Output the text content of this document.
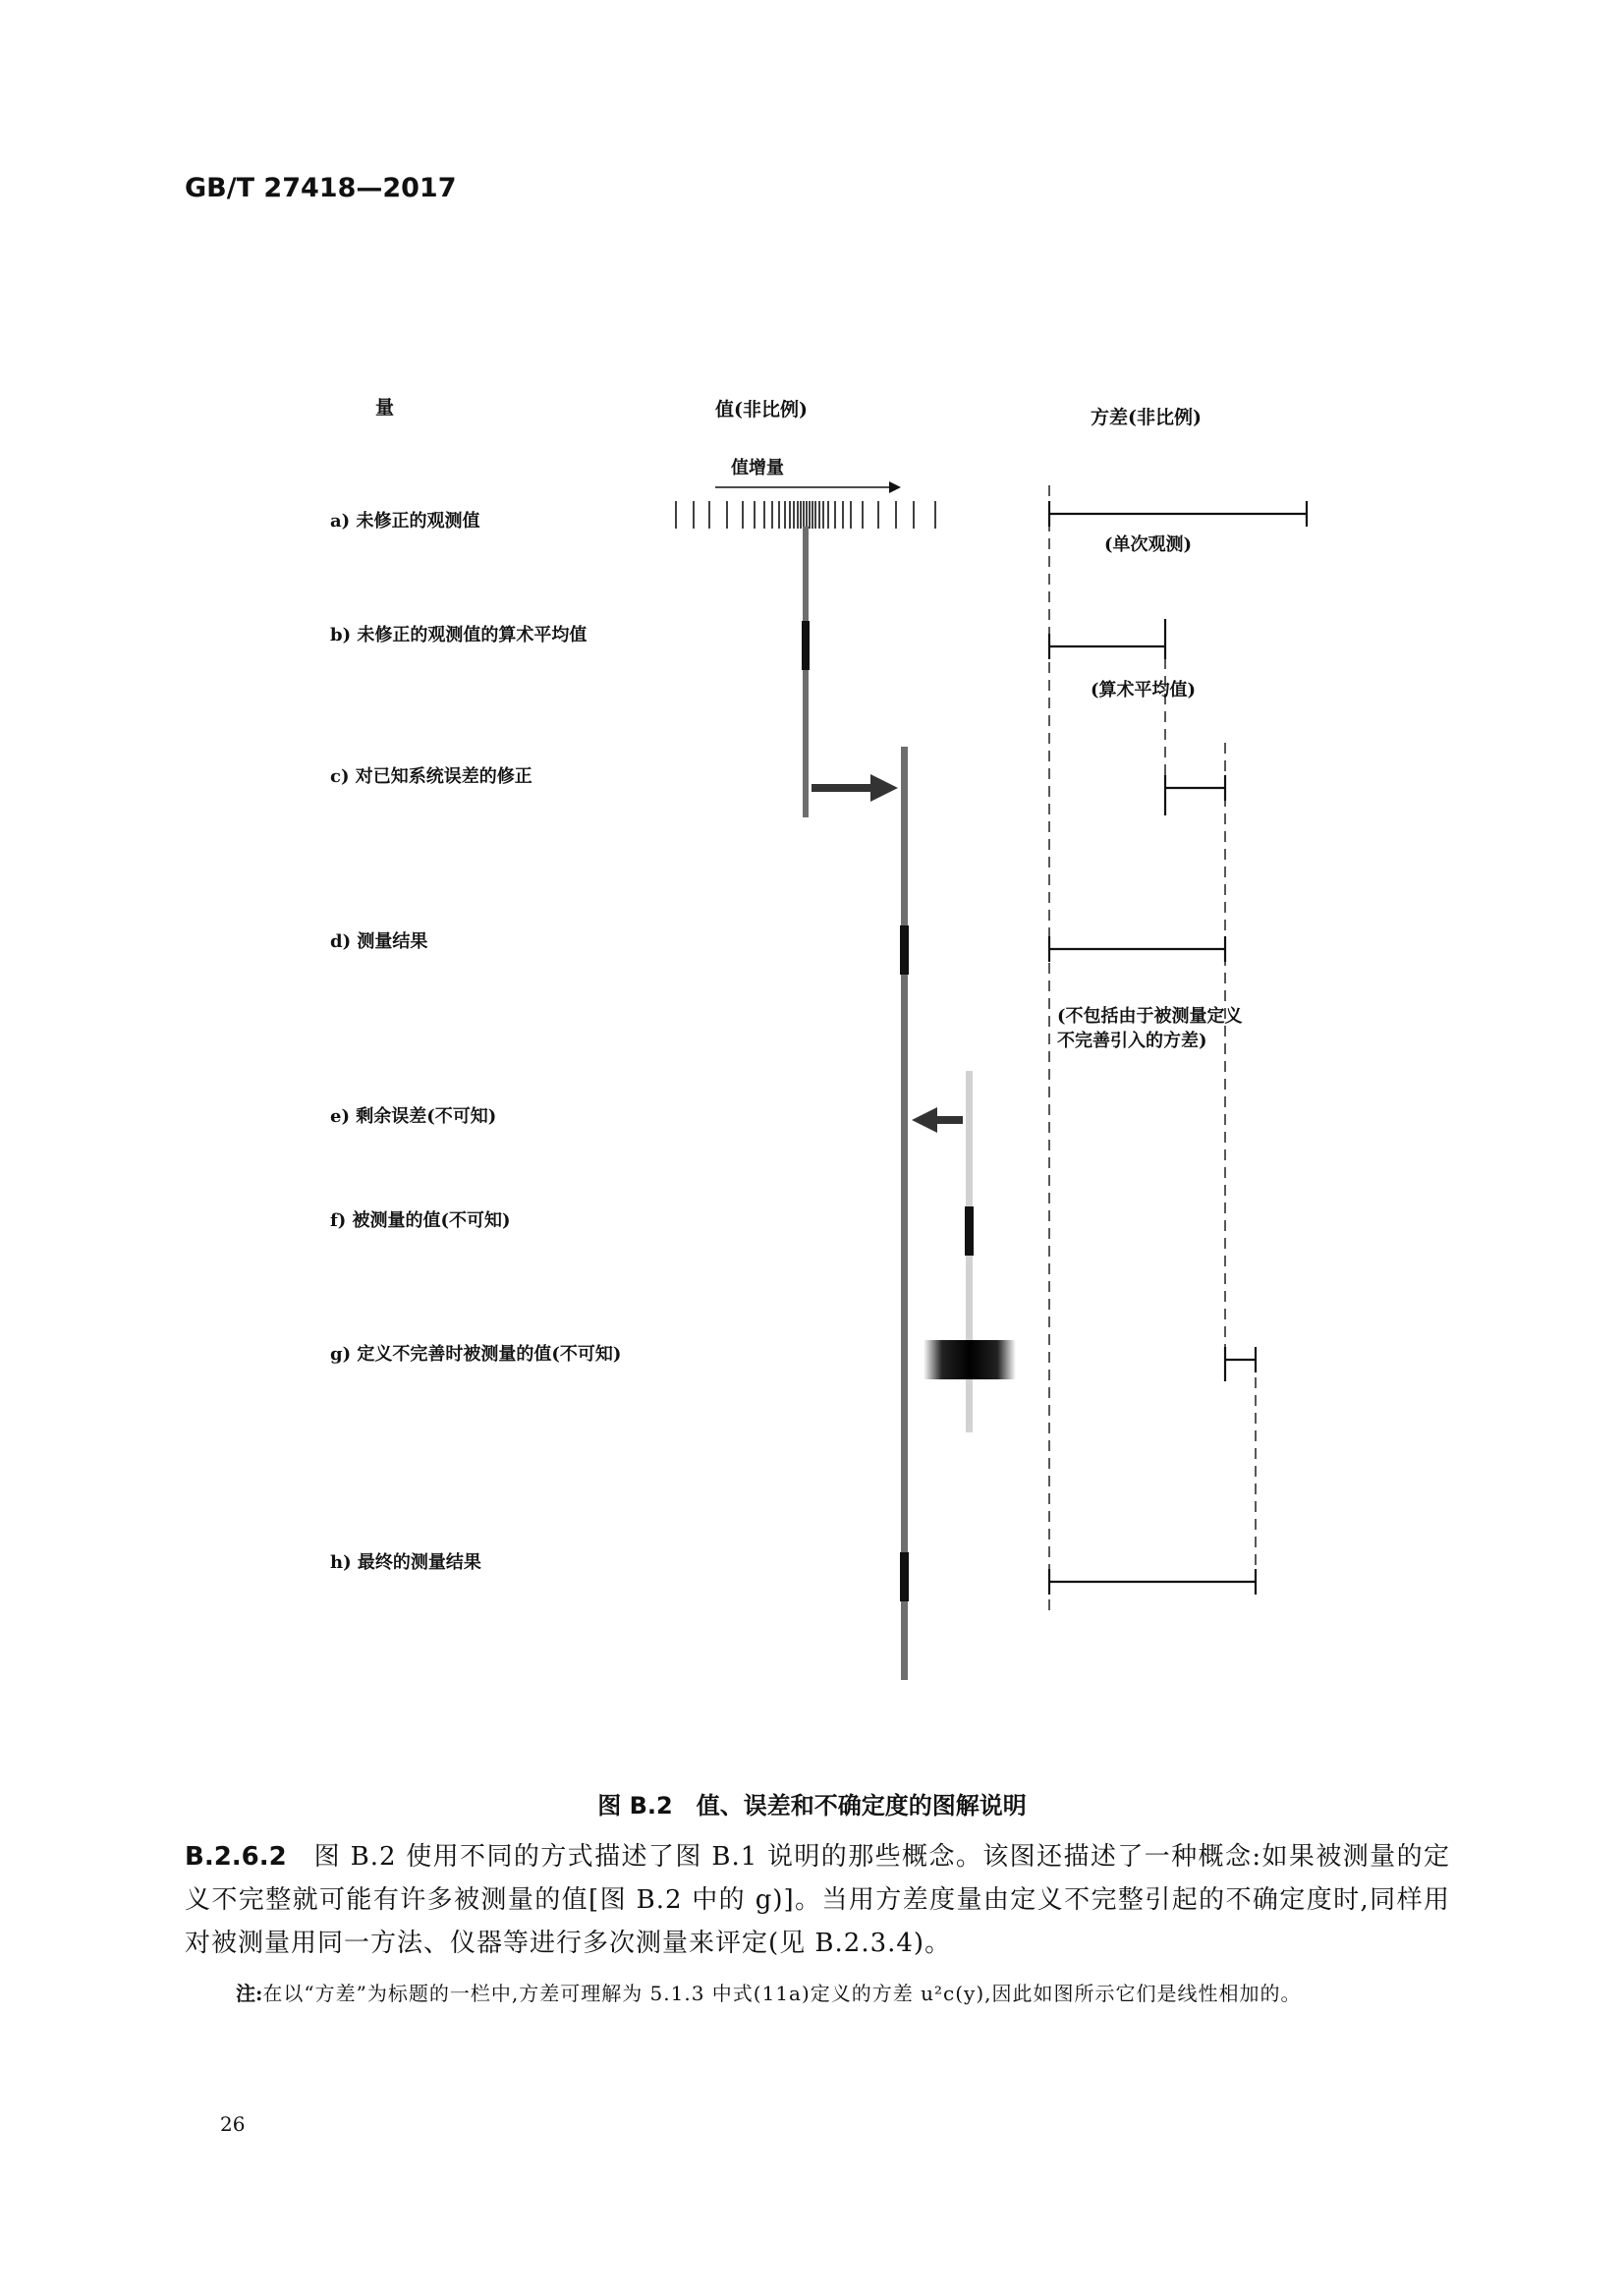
GB/T 27418—2017
量	值(非比例)	方差(非比例)
值增量
a) 未修正的观测值
b) 未修正的观测值的算术平均值
c) 对已知系统误差的修正
d) 测量结果
e) 剩余误差(不可知)
f) 被测量的值(不可知)
g) 定义不完善时被测量的值(不可知)
h) 最终的测量结果
(单次观测)
(算术平均值)
(不包括由于被测量定义不完善引入的方差)
图 B.2　值、误差和不确定度的图解说明
B.2.6.2　 图 B.2 使用不同的方式描述了图 B.1 说明的那些概念。该图还描述了一种概念:如果被测量的定义不完整就可能有许多被测量的值[图 B.2 中的 g)]。当用方差度量由定义不完整引起的不确定度时,同样用对被测量用同一方法、仪器等进行多次测量来评定(见 B.2.3.4)。
注:在以“方差”为标题的一栏中,方差可理解为 5.1.3 中式(11a)定义的方差 u²c(y),因此如图所示它们是线性相加的。
26
